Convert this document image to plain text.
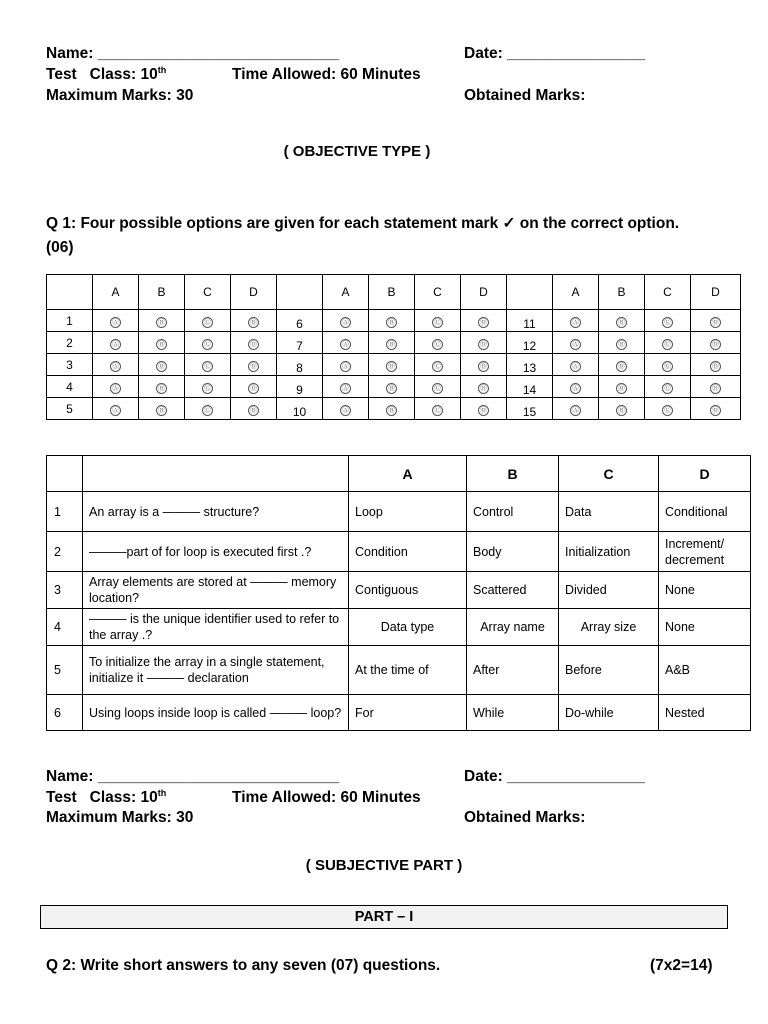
Name: ____________________________	Date: ________________
Test Class: 10th	Time Allowed: 60 Minutes
Maximum Marks: 30	Obtained Marks:
( OBJECTIVE TYPE )
Q 1: Four possible options are given for each statement mark ✓ on the correct option.
(06)
	A	B	C	D		A	B	C	D		A	B	C	D
1	Ⓐ	Ⓑ	Ⓒ	Ⓓ	6	Ⓐ	Ⓑ	Ⓒ	Ⓓ	11	Ⓐ	Ⓑ	Ⓒ	Ⓓ
2	Ⓐ	Ⓑ	Ⓒ	Ⓓ	7	Ⓐ	Ⓑ	Ⓒ	Ⓓ	12	Ⓐ	Ⓑ	Ⓒ	Ⓓ
3	Ⓐ	Ⓑ	Ⓒ	Ⓓ	8	Ⓐ	Ⓑ	Ⓒ	Ⓓ	13	Ⓐ	Ⓑ	Ⓒ	Ⓓ
4	Ⓐ	Ⓑ	Ⓒ	Ⓓ	9	Ⓐ	Ⓑ	Ⓒ	Ⓓ	14	Ⓐ	Ⓑ	Ⓒ	Ⓓ
5	Ⓐ	Ⓑ	Ⓒ	Ⓓ	10	Ⓐ	Ⓑ	Ⓒ	Ⓓ	15	Ⓐ	Ⓑ	Ⓒ	Ⓓ
		A	B	C	D
1	An array is a ——— structure?	Loop	Control	Data	Conditional
2	———part of for loop is executed first .?	Condition	Body	Initialization	Increment/ decrement
3	Array elements are stored at ——— memory location?	Contiguous	Scattered	Divided	None
4	——— is the unique identifier used to refer to the array .?	Data type	Array name	Array size	None
5	To initialize the array in a single statement, initialize it ——— declaration	At the time of	After	Before	A&B
6	Using loops inside loop is called ——— loop?	For	While	Do-while	Nested
Name: ____________________________	Date: ________________
Test Class: 10th	Time Allowed: 60 Minutes
Maximum Marks: 30	Obtained Marks:
( SUBJECTIVE PART )
PART – I
Q 2: Write short answers to any seven (07) questions.	(7x2=14)
